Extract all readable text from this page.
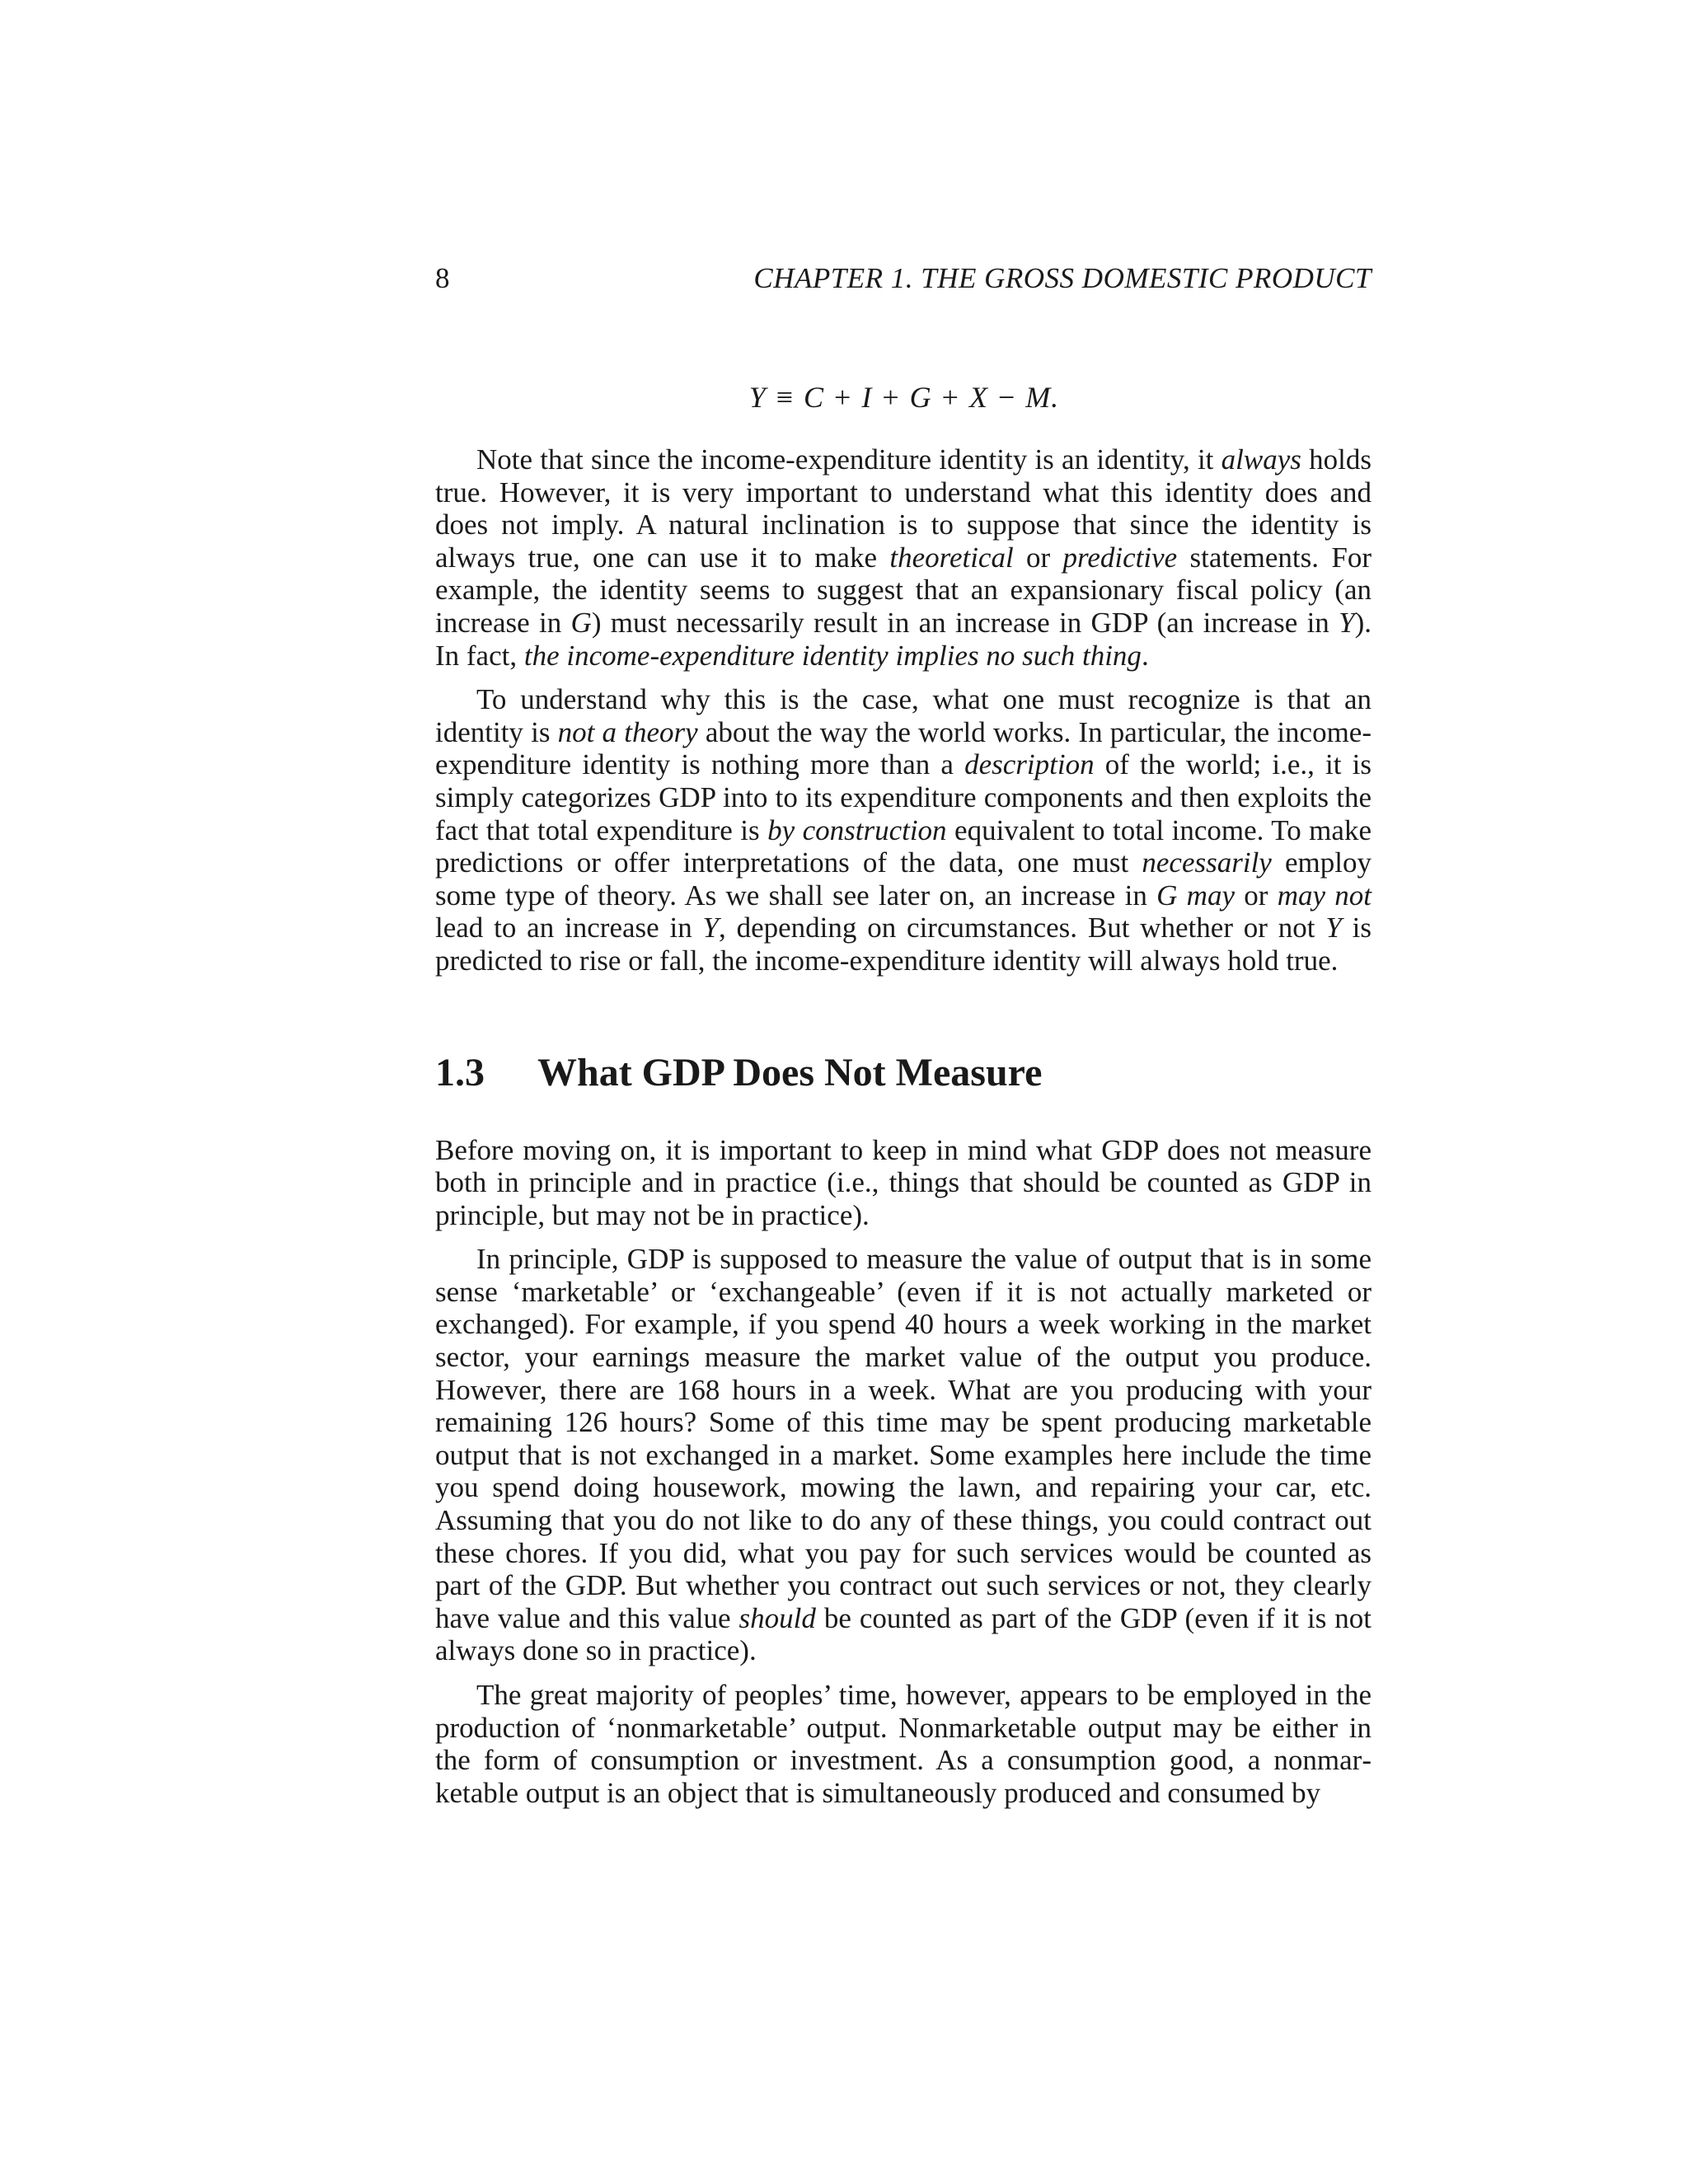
8	CHAPTER 1. THE GROSS DOMESTIC PRODUCT
Y ≡ C + I + G + X − M.

Note that since the income-expenditure identity is an identity, it always holds true. However, it is very important to understand what this identity does and does not imply. A natural inclination is to suppose that since the identity is always true, one can use it to make theoretical or predictive statements. For example, the identity seems to suggest that an expansionary fiscal policy (an increase in G) must necessarily result in an increase in GDP (an increase in Y). In fact, the income-expenditure identity implies no such thing.

To understand why this is the case, what one must recognize is that an identity is not a theory about the way the world works. In particular, the income-expenditure identity is nothing more than a description of the world; i.e., it is simply categorizes GDP into to its expenditure components and then exploits the fact that total expenditure is by construction equivalent to total income. To make predictions or offer interpretations of the data, one must necessarily employ some type of theory. As we shall see later on, an increase in G may or may not lead to an increase in Y, depending on circumstances. But whether or not Y is predicted to rise or fall, the income-expenditure identity will always hold true.

1.3 What GDP Does Not Measure

Before moving on, it is important to keep in mind what GDP does not measure both in principle and in practice (i.e., things that should be counted as GDP in principle, but may not be in practice).

In principle, GDP is supposed to measure the value of output that is in some sense ‘marketable’ or ‘exchangeable’ (even if it is not actually marketed or exchanged). For example, if you spend 40 hours a week working in the market sector, your earnings measure the market value of the output you produce. However, there are 168 hours in a week. What are you producing with your remaining 126 hours? Some of this time may be spent producing marketable output that is not exchanged in a market. Some examples here include the time you spend doing housework, mowing the lawn, and repairing your car, etc. Assuming that you do not like to do any of these things, you could contract out these chores. If you did, what you pay for such services would be counted as part of the GDP. But whether you contract out such services or not, they clearly have value and this value should be counted as part of the GDP (even if it is not always done so in practice).

The great majority of peoples’ time, however, appears to be employed in the production of ‘nonmarketable’ output. Nonmarketable output may be either in the form of consumption or investment. As a consumption good, a nonmarketable output is an object that is simultaneously produced and consumed by
